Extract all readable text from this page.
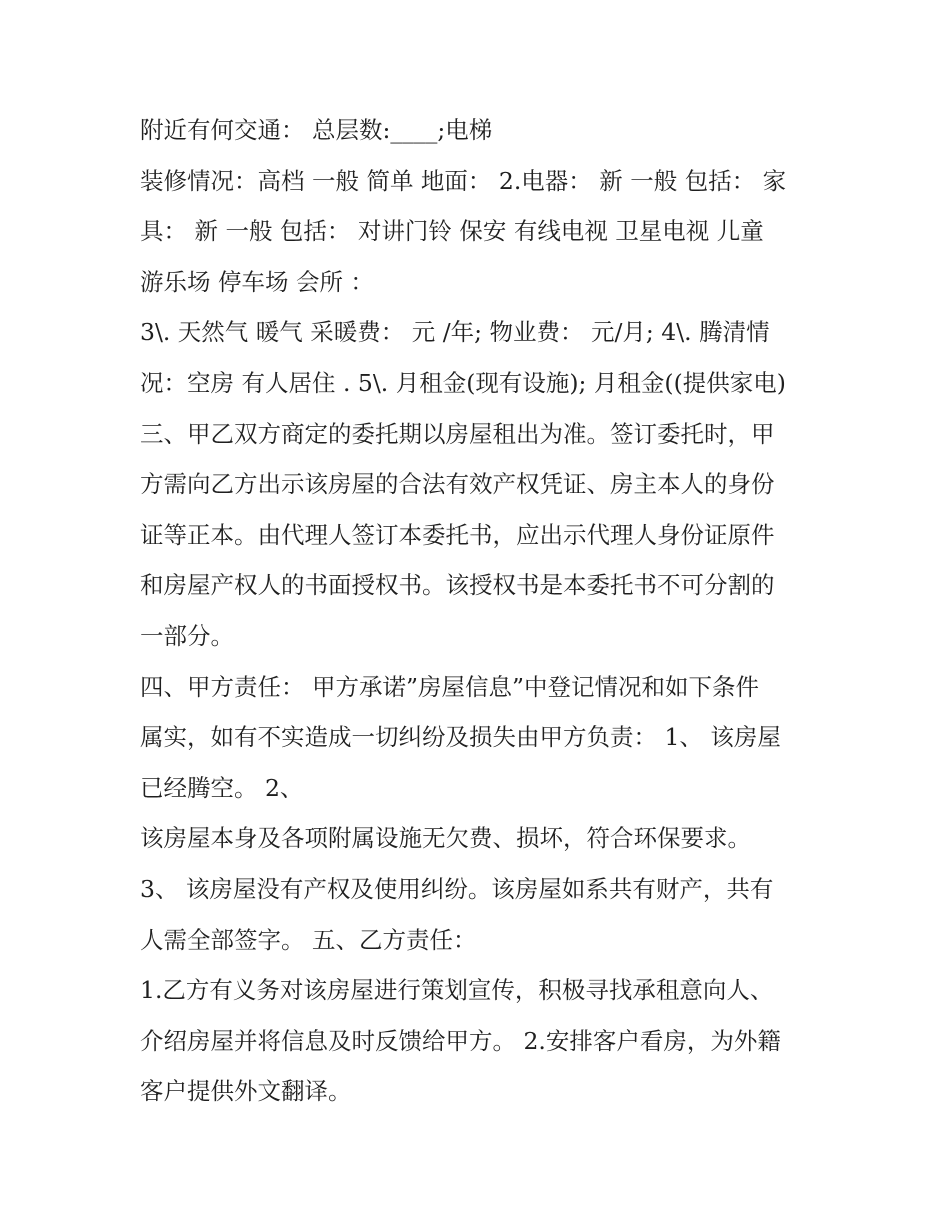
附近有何交通： 总层数:____;电梯
装修情况：高档 一般 简单 地面： 2.电器： 新 一般 包括： 家
具： 新 一般 包括： 对讲门铃 保安 有线电视 卫星电视 儿童
游乐场 停车场 会所 ：
3\. 天然气 暖气 采暖费： 元 /年; 物业费： 元/月; 4\. 腾清情
况：空房 有人居住 . 5\. 月租金(现有设施); 月租金((提供家电)
三、甲乙双方商定的委托期以房屋租出为准。签订委托时，甲
方需向乙方出示该房屋的合法有效产权凭证、房主本人的身份
证等正本。由代理人签订本委托书，应出示代理人身份证原件
和房屋产权人的书面授权书。该授权书是本委托书不可分割的
一部分。
四、甲方责任： 甲方承诺”房屋信息”中登记情况和如下条件
属实，如有不实造成一切纠纷及损失由甲方负责： 1、 该房屋
已经腾空。 2、
该房屋本身及各项附属设施无欠费、损坏，符合环保要求。
3、 该房屋没有产权及使用纠纷。该房屋如系共有财产，共有
人需全部签字。 五、乙方责任：
1.乙方有义务对该房屋进行策划宣传，积极寻找承租意向人、
介绍房屋并将信息及时反馈给甲方。 2.安排客户看房，为外籍
客户提供外文翻译。
